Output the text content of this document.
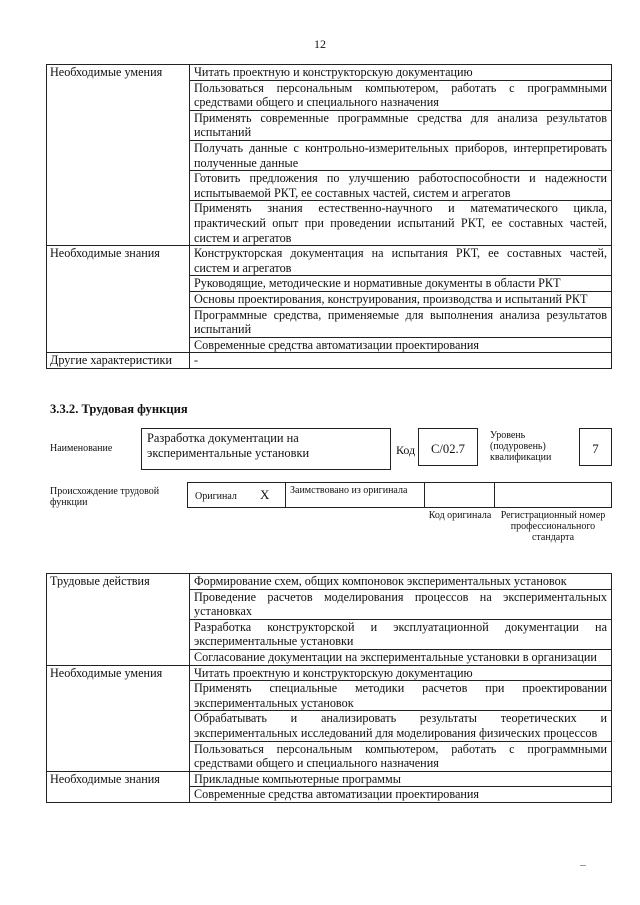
12
Необходимые умения	Читать проектную и конструкторскую документацию
	Пользоваться персональным компьютером, работать с программными средствами общего и специального назначения
	Применять современные программные средства для анализа результатов испытаний
	Получать данные с контрольно-измерительных приборов, интерпретировать полученные данные
	Готовить предложения по улучшению работоспособности и надежности испытываемой РКТ, ее составных частей, систем и агрегатов
	Применять знания естественно-научного и математического цикла, практический опыт при проведении испытаний РКТ, ее составных частей, систем и агрегатов
Необходимые знания	Конструкторская документация на испытания РКТ, ее составных частей, систем и агрегатов
	Руководящие, методические и нормативные документы в области РКТ
	Основы проектирования, конструирования, производства и испытаний РКТ
	Программные средства, применяемые для выполнения анализа результатов испытаний
	Современные средства автоматизации проектирования
Другие характеристики	-
3.3.2. Трудовая функция
Наименование
Разработка документации на экспериментальные установки	Код	C/02.7
Уровень (подуровень) квалификации
7
Происхождение трудовой функции
Оригинал X Заимствовано из оригинала
Код оригинала Регистрационный номер профессионального стандарта
Трудовые действия	Формирование схем, общих компоновок экспериментальных установок
	Проведение расчетов моделирования процессов на экспериментальных установках
	Разработка конструкторской и эксплуатационной документации на экспериментальные установки
	Согласование документации на экспериментальные установки в организации
Необходимые умения	Читать проектную и конструкторскую документацию
	Применять специальные методики расчетов при проектировании экспериментальных установок
	Обрабатывать и анализировать результаты теоретических и экспериментальных исследований для моделирования физических процессов
	Пользоваться персональным компьютером, работать с программными средствами общего и специального назначения
Необходимые знания	Прикладные компьютерные программы
	Современные средства автоматизации проектирования
